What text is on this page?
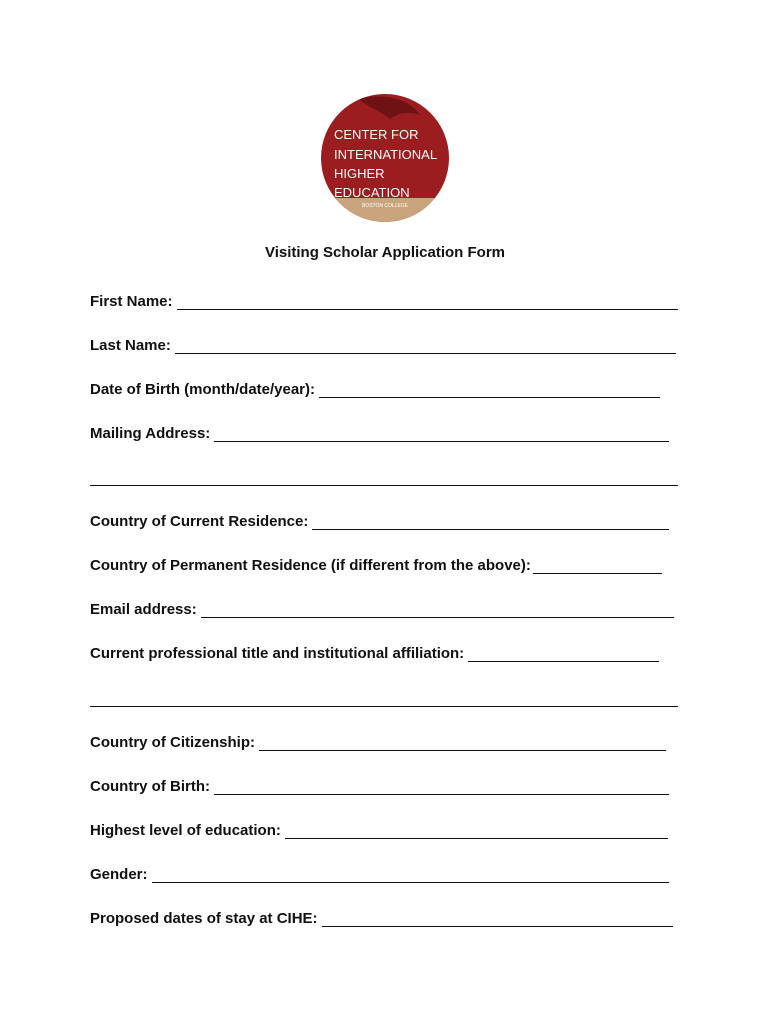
CENTER FOR
INTERNATIONAL
HIGHER
EDUCATION
BOSTON COLLEGE
Visiting Scholar Application Form
First Name:
Last Name:
Date of Birth (month/date/year):
Mailing Address:
Country of Current Residence:
Country of Permanent Residence (if different from the above):
Email address:
Current professional title and institutional affiliation:
Country of Citizenship:
Country of Birth:
Highest level of education:
Gender:
Proposed dates of stay at CIHE:
